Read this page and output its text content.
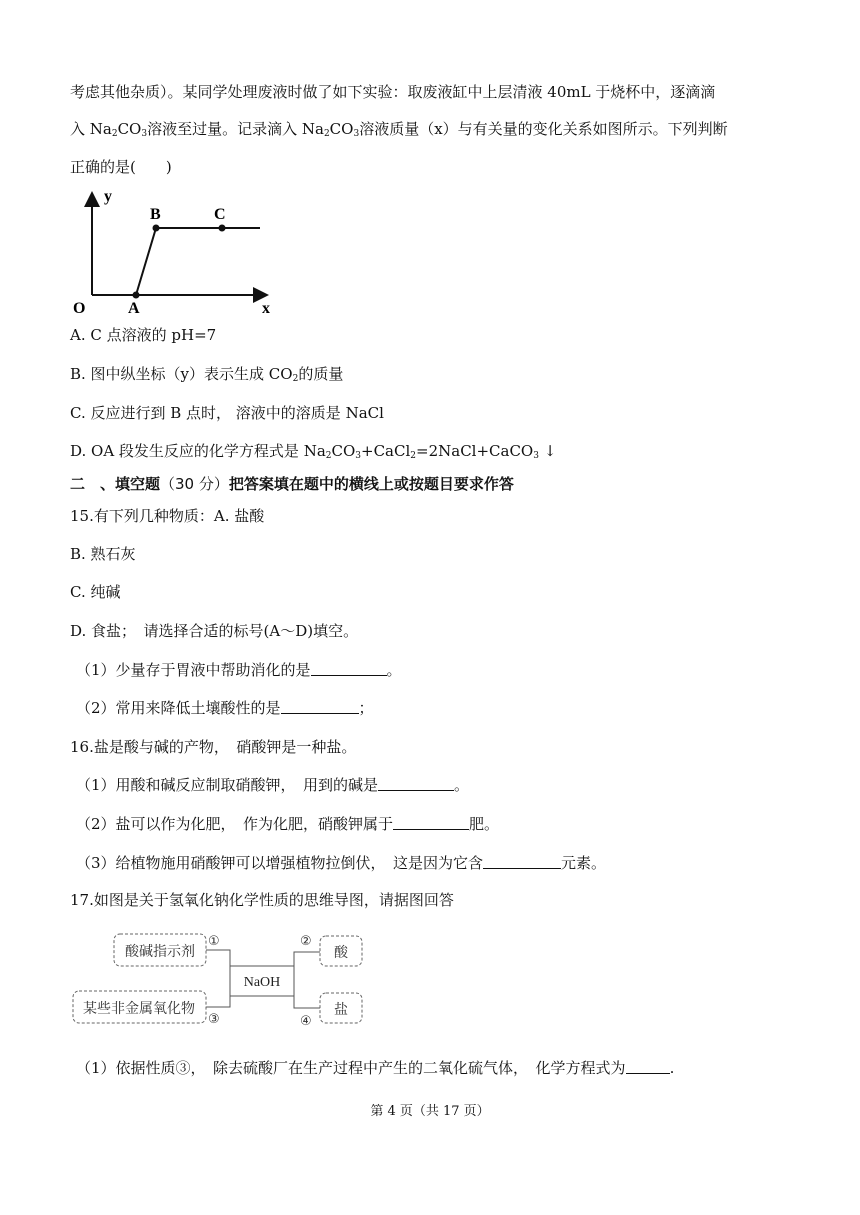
考虑其他杂质）。某同学处理废液时做了如下实验：取废液缸中上层清液 40mL 于烧杯中，逐滴滴
入 $Na_2CO_3$溶液至过量。记录滴入 $Na_2CO_3$溶液质量（x）与有关量的变化关系如图所示。下列判断
正确的是(　　)
y
B	C
O	A	x
A. C 点溶液的 pH=7
B. 图中纵坐标（y）表示生成 $CO_2$的质量
C. 反应进行到 B 点时， 溶液中的溶质是 NaCl
D. OA 段发生反应的化学方程式是 $Na_2CO_3+CaCl_2=2NaCl+CaCO_3$ ↓
二　、填空题（30 分）把答案填在题中的横线上或按题目要求作答
15.有下列几种物质：A. 盐酸
B. 熟石灰
C. 纯碱
D. 食盐；　请选择合适的标号(A～D)填空。
（1）少量存于胃液中帮助消化的是	。
（2）常用来降低土壤酸性的是	；
16.盐是酸与碱的产物，　硝酸钾是一种盐。
（1）用酸和碱反应制取硝酸钾，　用到的碱是	。
（2）盐可以作为化肥，　作为化肥，硝酸钾属于	肥。
（3）给植物施用硝酸钾可以增强植物拉倒伏，　这是因为它含	元素。
17.如图是关于氢氧化钠化学性质的思维导图，请据图回答
酸碱指示剂
某些非金属氧化物
NaOH
酸
盐
①
③
②
④
（1）依据性质③，　除去硫酸厂在生产过程中产生的二氧化硫气体，　化学方程式为	.
第 4 页（共 17 页）
